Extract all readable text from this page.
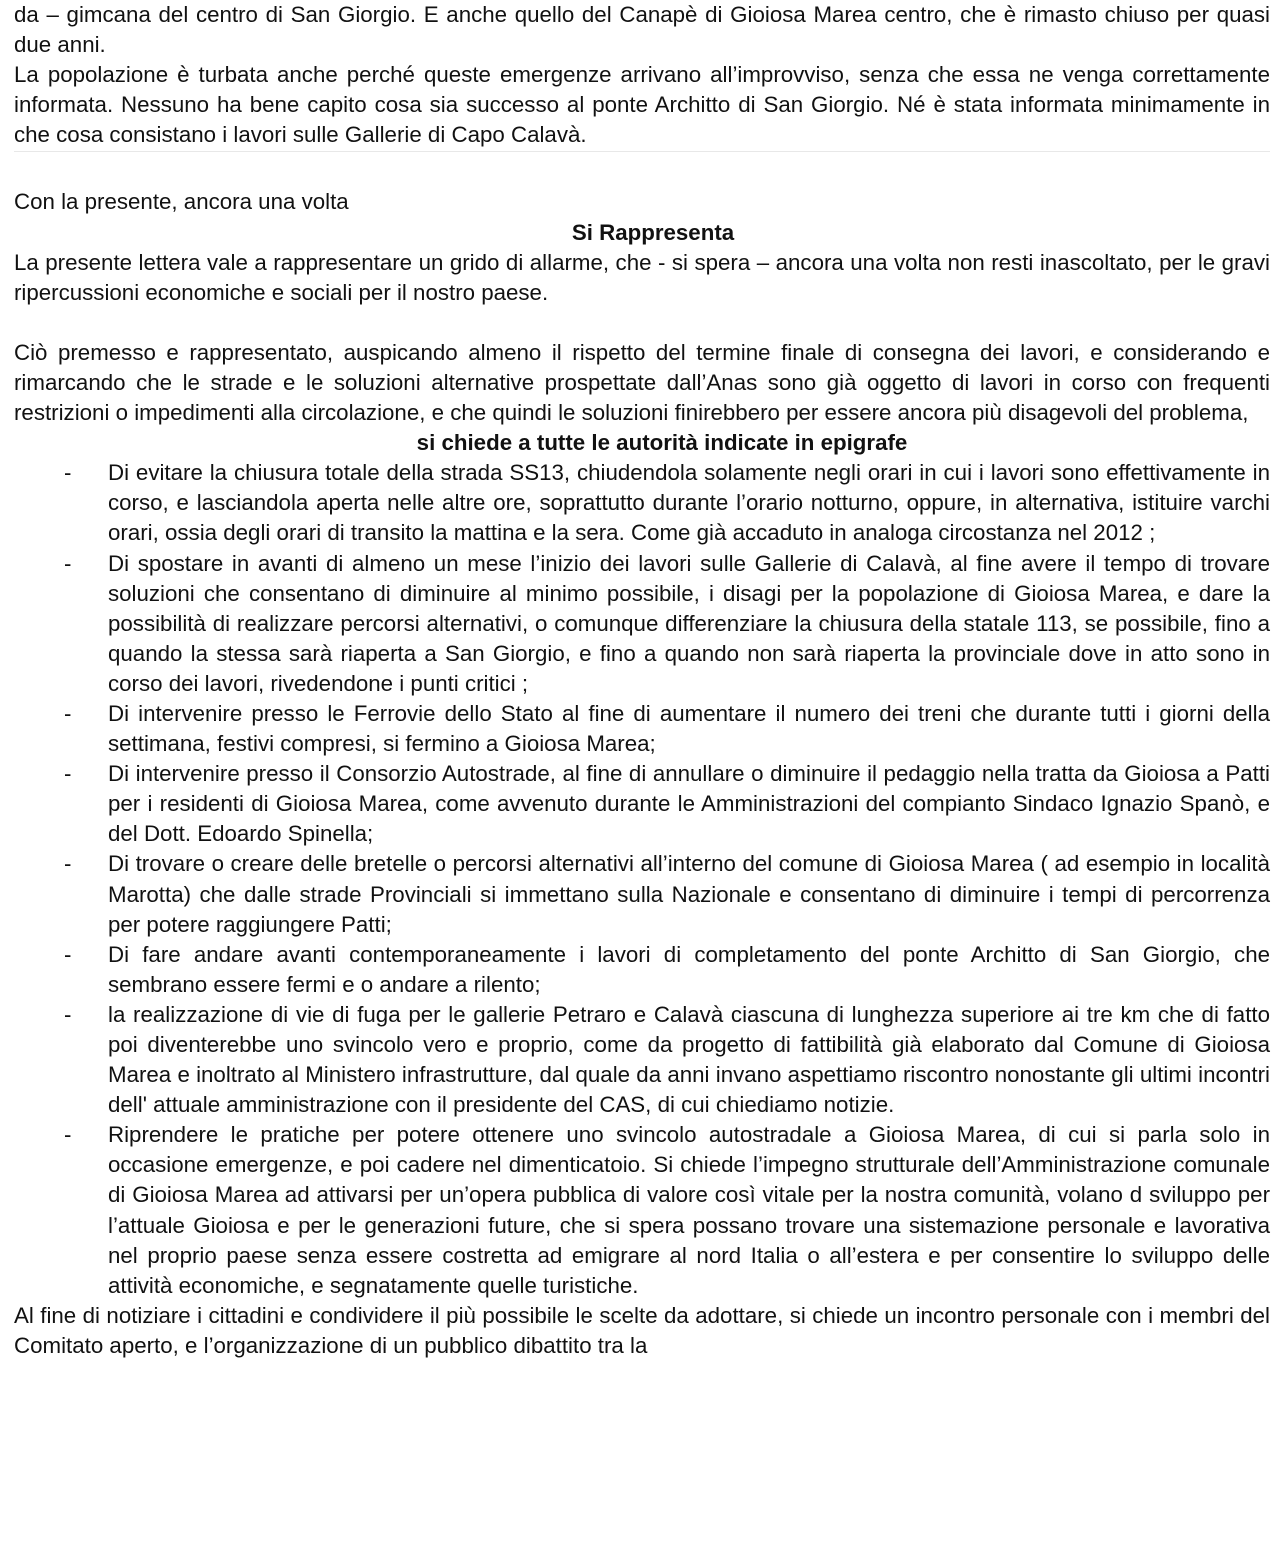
da – gimcana del centro di San Giorgio. E anche quello del Canapè di Gioiosa Marea centro, che è rimasto chiuso per quasi due anni.

La popolazione è turbata anche perché queste emergenze arrivano all’improvviso, senza che essa ne venga correttamente informata. Nessuno ha bene capito cosa sia successo al ponte Architto di San Giorgio. Né è stata informata minimamente in che cosa consistano i lavori sulle Gallerie di Capo Calavà.

Con la presente, ancora una volta

Si Rappresenta

La presente lettera vale a rappresentare un grido di allarme, che - si spera – ancora una volta non resti inascoltato, per le gravi ripercussioni economiche e sociali per il nostro paese.

Ciò premesso e rappresentato, auspicando almeno il rispetto del termine finale di consegna dei lavori, e considerando e rimarcando che le strade e le soluzioni alternative prospettate dall’Anas sono già oggetto di lavori in corso con frequenti restrizioni o impedimenti alla circolazione, e che quindi le soluzioni finirebbero per essere ancora più disagevoli del problema,

si chiede a tutte le autorità indicate in epigrafe

- Di evitare la chiusura totale della strada SS13, chiudendola solamente negli orari in cui i lavori sono effettivamente in corso, e lasciandola aperta nelle altre ore, soprattutto durante l’orario notturno, oppure, in alternativa, istituire varchi orari, ossia degli orari di transito la mattina e la sera. Come già accaduto in analoga circostanza nel 2012 ;
- Di spostare in avanti di almeno un mese l’inizio dei lavori sulle Gallerie di Calavà, al fine avere il tempo di trovare soluzioni che consentano di diminuire al minimo possibile, i disagi per la popolazione di Gioiosa Marea, e dare la possibilità di realizzare percorsi alternativi, o comunque differenziare la chiusura della statale 113, se possibile, fino a quando la stessa sarà riaperta a San Giorgio, e fino a quando non sarà riaperta la provinciale dove in atto sono in corso dei lavori, rivedendone i punti critici ;
- Di intervenire presso le Ferrovie dello Stato al fine di aumentare il numero dei treni che durante tutti i giorni della settimana, festivi compresi, si fermino a Gioiosa Marea;
- Di intervenire presso il Consorzio Autostrade, al fine di annullare o diminuire il pedaggio nella tratta da Gioiosa a Patti per i residenti di Gioiosa Marea, come avvenuto durante le Amministrazioni del compianto Sindaco Ignazio Spanò, e del Dott. Edoardo Spinella;
- Di trovare o creare delle bretelle o percorsi alternativi all’interno del comune di Gioiosa Marea ( ad esempio in località Marotta) che dalle strade Provinciali si immettano sulla Nazionale e consentano di diminuire i tempi di percorrenza per potere raggiungere Patti;
- Di fare andare avanti contemporaneamente i lavori di completamento del ponte Architto di San Giorgio, che sembrano essere fermi e o andare a rilento;
- la realizzazione di vie di fuga per le gallerie Petraro e Calavà ciascuna di lunghezza superiore ai tre km che di fatto poi diventerebbe uno svincolo vero e proprio, come da progetto di fattibilità già elaborato dal Comune di Gioiosa Marea e inoltrato al Ministero infrastrutture, dal quale da anni invano aspettiamo riscontro nonostante gli ultimi incontri dell' attuale amministrazione con il presidente del CAS, di cui chiediamo notizie.
- Riprendere le pratiche per potere ottenere uno svincolo autostradale a Gioiosa Marea, di cui si parla solo in occasione emergenze, e poi cadere nel dimenticatoio. Si chiede l’impegno strutturale dell’Amministrazione comunale di Gioiosa Marea ad attivarsi per un’opera pubblica di valore così vitale per la nostra comunità, volano d sviluppo per l’attuale Gioiosa e per le generazioni future, che si spera possano trovare una sistemazione personale e lavorativa nel proprio paese senza essere costretta ad emigrare al nord Italia o all’estera e per consentire lo sviluppo delle attività economiche, e segnatamente quelle turistiche.

Al fine di notiziare i cittadini e condividere il più possibile le scelte da adottare, si chiede un incontro personale con i membri del Comitato aperto, e l’organizzazione di un pubblico dibattito tra la
